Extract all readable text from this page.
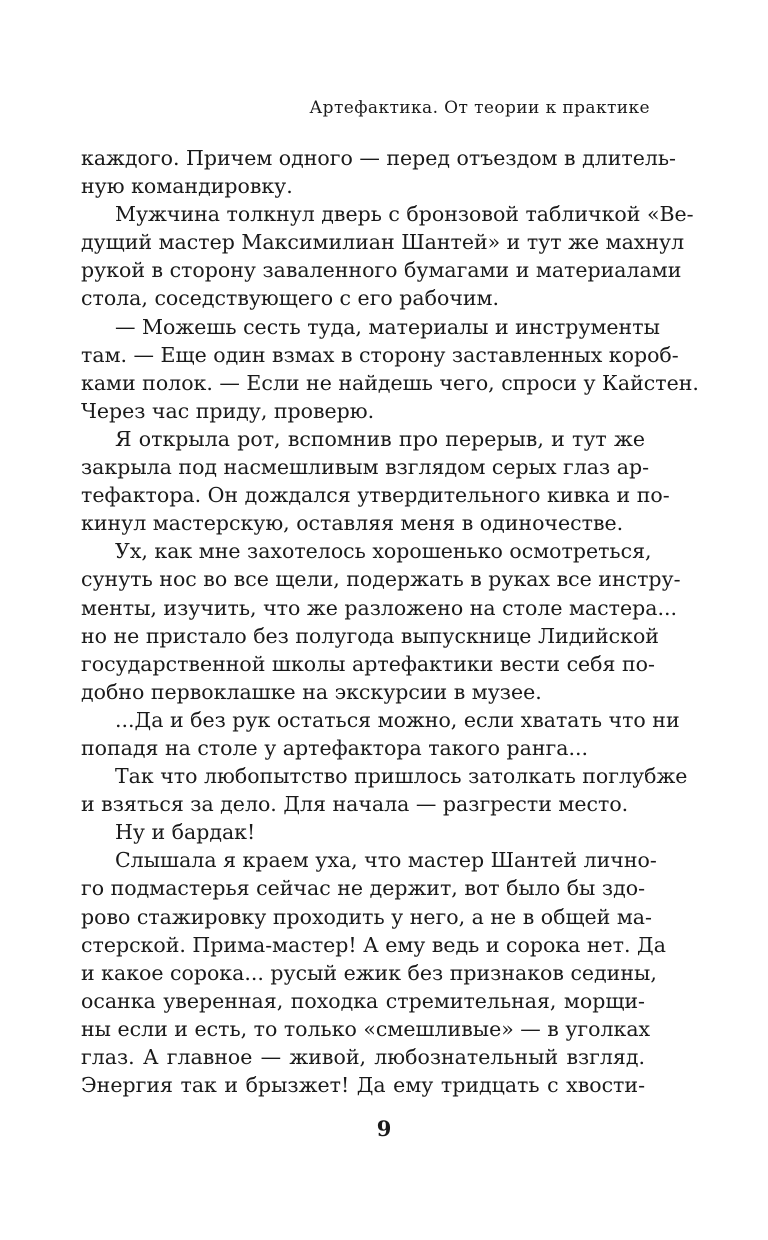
Артефактика. От теории к практике
каждого. Причем одного — перед отъездом в длитель-
ную командировку.
Мужчина толкнул дверь с бронзовой табличкой «Ве-
дущий мастер Максимилиан Шантей» и тут же махнул
рукой в сторону заваленного бумагами и материалами
стола, соседствующего с его рабочим.
— Можешь сесть туда, материалы и инструменты
там. — Еще один взмах в сторону заставленных короб-
ками полок. — Если не найдешь чего, спроси у Кайстен.
Через час приду, проверю.
Я открыла рот, вспомнив про перерыв, и тут же
закрыла под насмешливым взглядом серых глаз ар-
тефактора. Он дождался утвердительного кивка и по-
кинул мастерскую, оставляя меня в одиночестве.
Ух, как мне захотелось хорошенько осмотреться,
сунуть нос во все щели, подержать в руках все инстру-
менты, изучить, что же разложено на столе мастера...
но не пристало без полугода выпускнице Лидийской
государственной школы артефактики вести себя по-
добно первоклашке на экскурсии в музее.
...Да и без рук остаться можно, если хватать что ни
попадя на столе у артефактора такого ранга...
Так что любопытство пришлось затолкать поглубже
и взяться за дело. Для начала — разгрести место.
Ну и бардак!
Слышала я краем уха, что мастер Шантей лично-
го подмастерья сейчас не держит, вот было бы здо-
рово стажировку проходить у него, а не в общей ма-
стерской. Прима-мастер! А ему ведь и сорока нет. Да
и какое сорока... русый ежик без признаков седины,
осанка уверенная, походка стремительная, морщи-
ны если и есть, то только «смешливые» — в уголках
глаз. А главное — живой, любознательный взгляд.
Энергия так и брызжет! Да ему тридцать с хвости-
9
